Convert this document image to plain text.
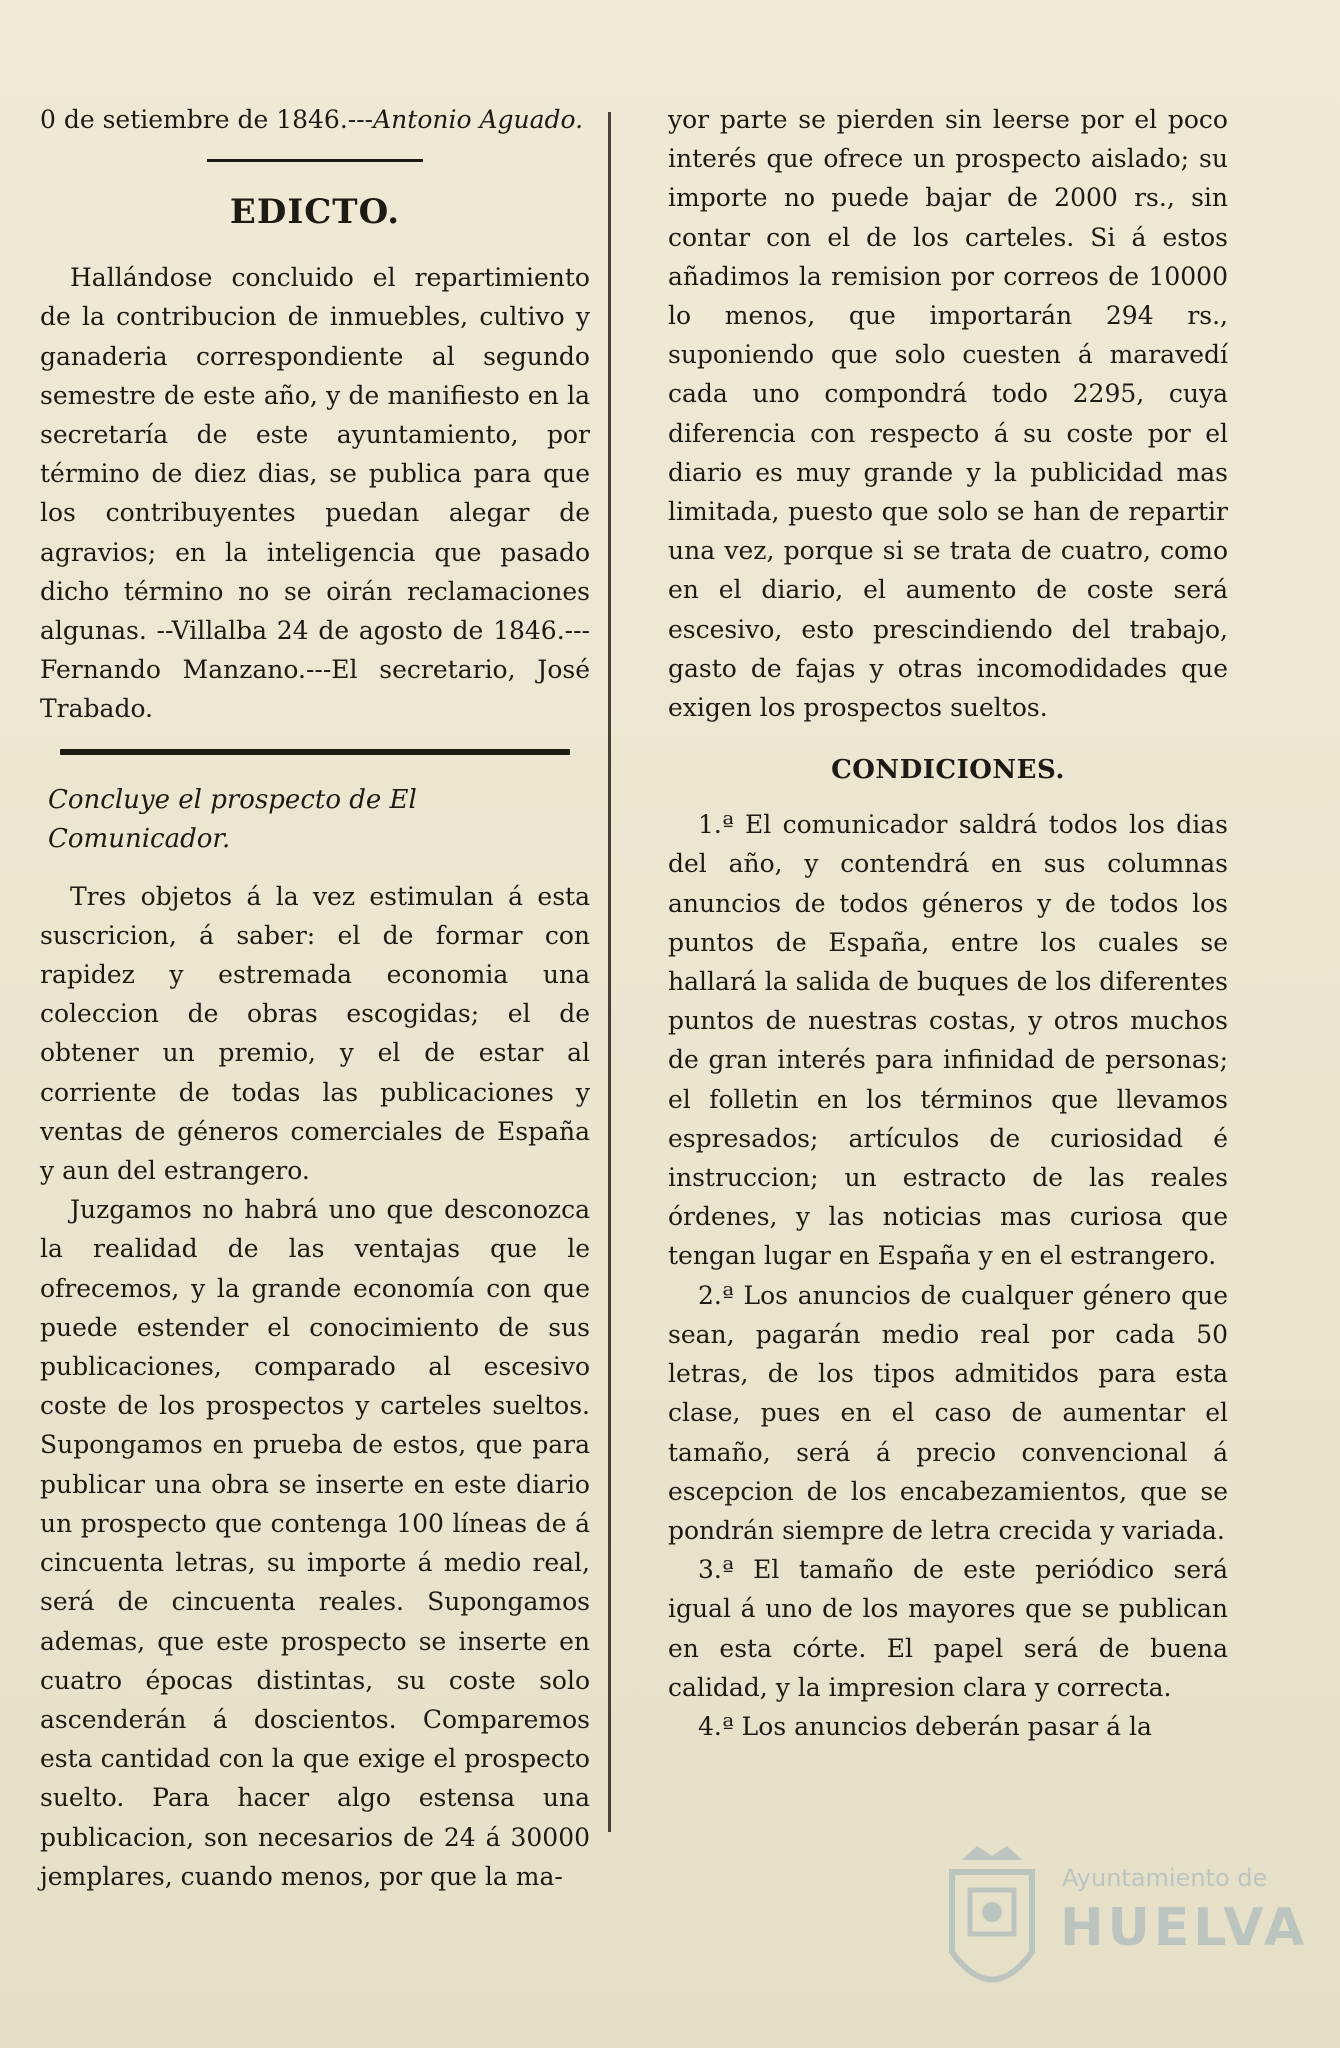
0 de setiembre de 1846.---Antonio Aguado.

EDICTO.

Hallándose concluido el repartimiento de la contribucion de inmuebles, cultivo y ganaderia correspondiente al segundo semestre de este año, y de manifiesto en la secretaría de este ayuntamiento, por término de diez dias, se publica para que los contribuyentes puedan alegar de agravios; en la inteligencia que pasado dicho término no se oirán reclamaciones algunas. --Villalba 24 de agosto de 1846.---Fernando Manzano.---El secretario, José Trabado.

Concluye el prospecto de El Comunicador.

Tres objetos á la vez estimulan á esta suscricion, á saber: el de formar con rapidez y estremada economia una coleccion de obras escogidas; el de obtener un premio, y el de estar al corriente de todas las publicaciones y ventas de géneros comerciales de España y aun del estrangero.

Juzgamos no habrá uno que desconozca la realidad de las ventajas que le ofrecemos, y la grande economía con que puede estender el conocimiento de sus publicaciones, comparado al escesivo coste de los prospectos y carteles sueltos. Supongamos en prueba de estos, que para publicar una obra se inserte en este diario un prospecto que contenga 100 líneas de á cincuenta letras, su importe á medio real, será de cincuenta reales. Supongamos ademas, que este prospecto se inserte en cuatro épocas distintas, su coste solo ascenderán á doscientos. Comparemos esta cantidad con la que exige el prospecto suelto. Para hacer algo estensa una publicacion, son necesarios de 24 á 30000 jemplares, cuando menos, por que la ma-

yor parte se pierden sin leerse por el poco interés que ofrece un prospecto aislado; su importe no puede bajar de 2000 rs., sin contar con el de los carteles. Si á estos añadimos la remision por correos de 10000 lo menos, que importarán 294 rs., suponiendo que solo cuesten á maravedí cada uno compondrá todo 2295, cuya diferencia con respecto á su coste por el diario es muy grande y la publicidad mas limitada, puesto que solo se han de repartir una vez, porque si se trata de cuatro, como en el diario, el aumento de coste será escesivo, esto prescindiendo del trabajo, gasto de fajas y otras incomodidades que exigen los prospectos sueltos.

CONDICIONES.

1.ª El comunicador saldrá todos los dias del año, y contendrá en sus columnas anuncios de todos géneros y de todos los puntos de España, entre los cuales se hallará la salida de buques de los diferentes puntos de nuestras costas, y otros muchos de gran interés para infinidad de personas; el folletin en los términos que llevamos espresados; artículos de curiosidad é instruccion; un estracto de las reales órdenes, y las noticias mas curiosa que tengan lugar en España y en el estrangero.

2.ª Los anuncios de cualquer género que sean, pagarán medio real por cada 50 letras, de los tipos admitidos para esta clase, pues en el caso de aumentar el tamaño, será á precio convencional á escepcion de los encabezamientos, que se pondrán siempre de letra crecida y variada.

3.ª El tamaño de este periódico será igual á uno de los mayores que se publican en esta córte. El papel será de buena calidad, y la impresion clara y correcta.

4.ª Los anuncios deberán pasar á la

Ayuntamiento de
HUELVA
